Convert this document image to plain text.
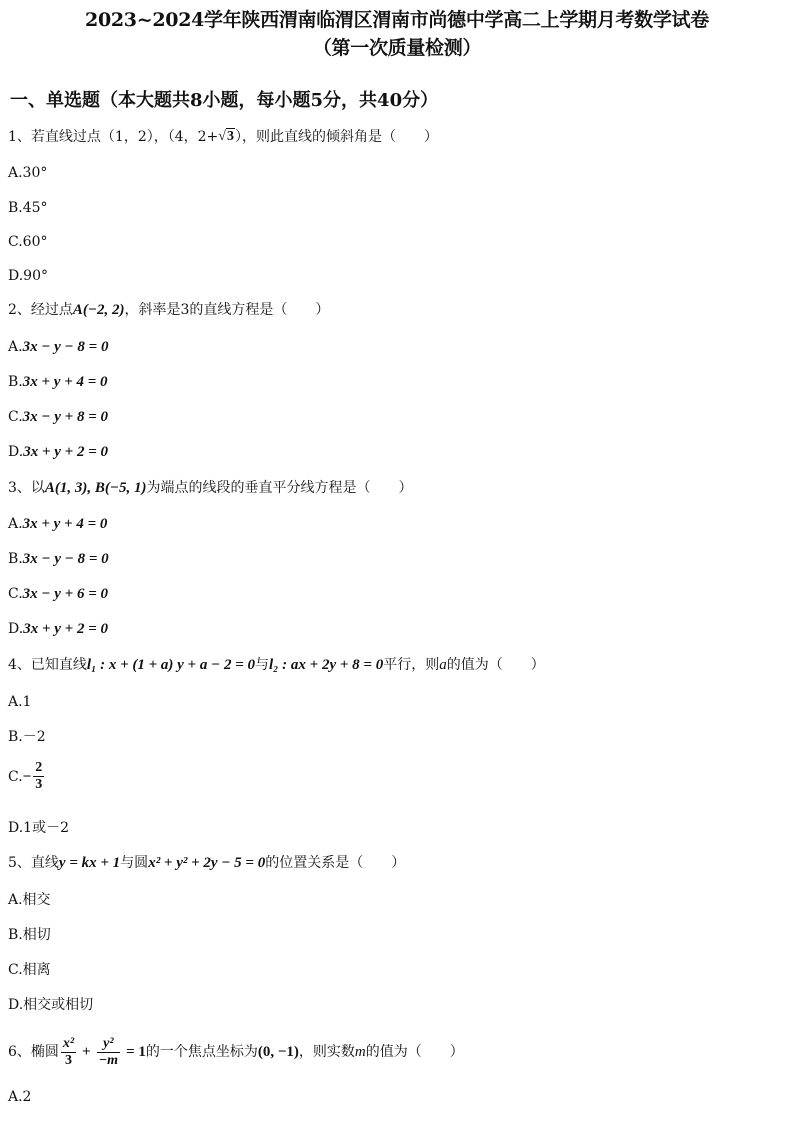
2023~2024学年陕西渭南临渭区渭南市尚德中学高二上学期月考数学试卷
（第一次质量检测）
一、单选题（本大题共8小题，每小题5分，共40分）
1、若直线过点（1，2），（4，2+ √3 ），则此直线的倾斜角是（　　）
A.30°
B.45°
C.60°
D.90°
2、经过点 A(−2, 2) ，斜率是3的直线方程是（　　）
A. 3x − y − 8 = 0
B. 3x + y + 4 = 0
C. 3x − y + 8 = 0
D. 3x + y + 2 = 0
3、以 A(1, 3), B(−5, 1) 为端点的线段的垂直平分线方程是（　　）
A. 3x + y + 4 = 0
B. 3x − y − 8 = 0
C. 3x − y + 6 = 0
D. 3x + y + 2 = 0
4、已知直线 l₁ : x + (1 + a) y + a − 2 = 0 与 l₂ : ax + 2y + 8 = 0 平行，则 a 的值为（　　）
A.1
B.－2
C. − $\frac{2}{3}$
D.1或－2
5、直线 y = kx + 1 与圆 x² + y² + 2y − 5 = 0 的位置关系是（　　）
A.相交
B.相切
C.相离
D.相交或相切
6、椭圆 $\frac{\text{x²}}{3} + \frac{\text{y²}}{-m} = 1$ 的一个焦点坐标为 (0, −1) ，则实数 m 的值为（　　）
A.2
